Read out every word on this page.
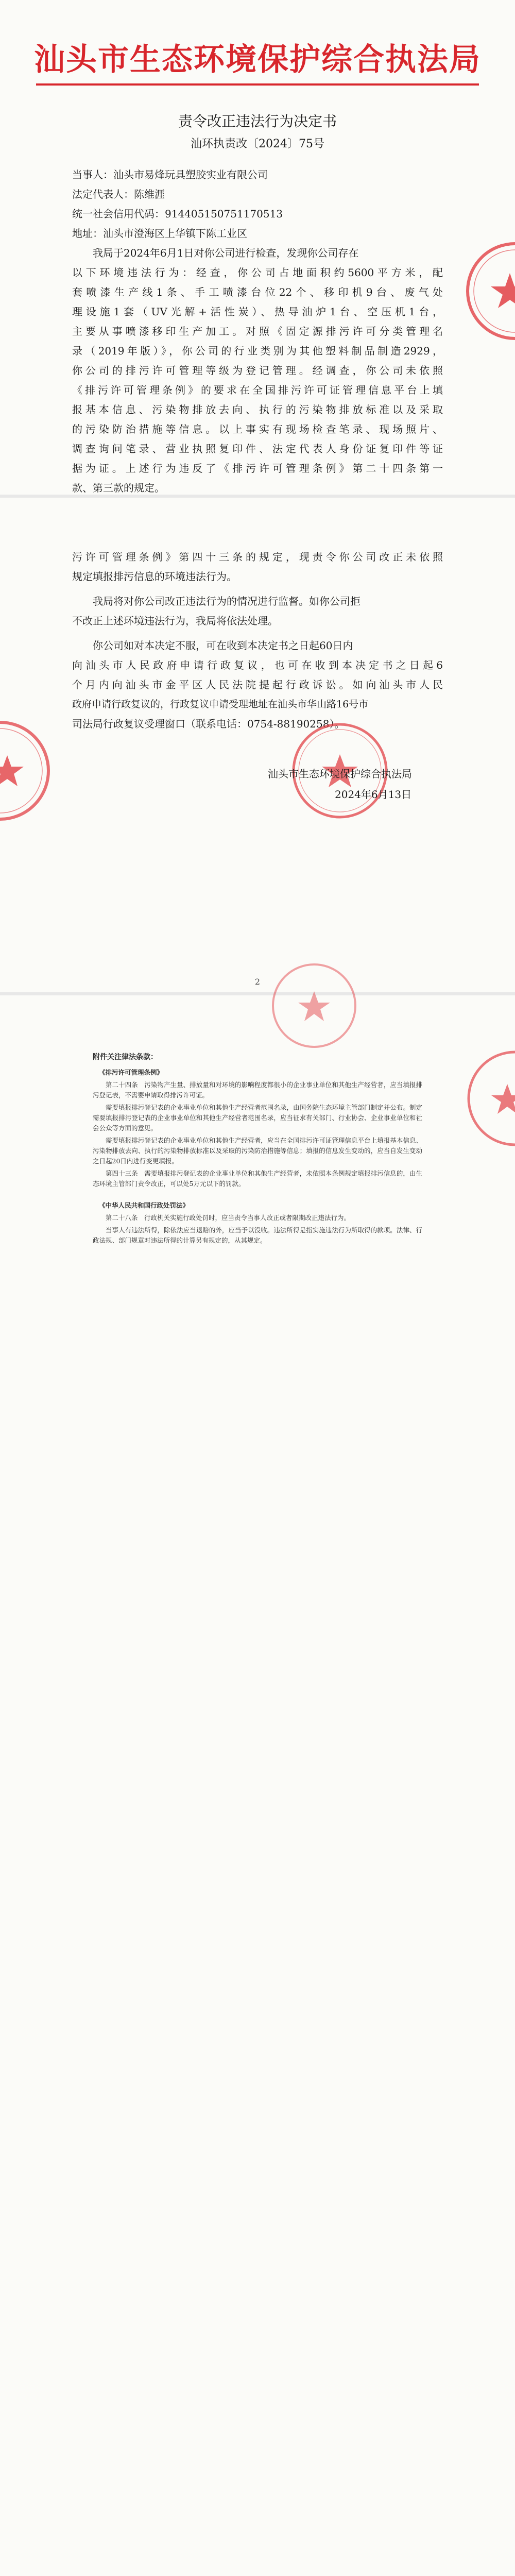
汕头市生态环境保护综合执法局
责令改正违法行为决定书
汕环执责改〔2024〕75号
当事人：汕头市易烽玩具塑胶实业有限公司
法定代表人：陈维涯
统一社会信用代码：914405150751170513
地址：汕头市澄海区上华镇下陈工业区
我局于2024年6月1日对你公司进行检查，发现你公司存在
以下环境违法行为：经查，你公司占地面积约5600平方米，配
套喷漆生产线1条、手工喷漆台位22个、移印机9台、废气处
理设施1套（UV光解+活性炭）、热导油炉1台、空压机1台，
主要从事喷漆移印生产加工。对照《固定源排污许可分类管理名
录（2019年版）》，你公司的行业类别为其他塑料制品制造2929，
你公司的排污许可管理等级为登记管理。经调查，你公司未依照
《排污许可管理条例》的要求在全国排污许可证管理信息平台上填
报基本信息、污染物排放去向、执行的污染物排放标准以及采取
的污染防治措施等信息。以上事实有现场检查笔录、现场照片、
调查询问笔录、营业执照复印件、法定代表人身份证复印件等证
据为证。上述行为违反了《排污许可管理条例》第二十四条第一
款、第三款的规定。
污许可管理条例》第四十三条的规定，现责令你公司改正未依照
规定填报排污信息的环境违法行为。
我局将对你公司改正违法行为的情况进行监督。如你公司拒
不改正上述环境违法行为，我局将依法处理。
你公司如对本决定不服，可在收到本决定书之日起60日内
向汕头市人民政府申请行政复议，也可在收到本决定书之日起6
个月内向汕头市金平区人民法院提起行政诉讼。如向汕头市人民
政府申请行政复议的，行政复议申请受理地址在汕头市华山路16号市
司法局行政复议受理窗口（联系电话：0754-88190258）。
汕头市生态环境保护综合执法局
2024年6月13日
2
附件关注律法条款：
《排污许可管理条例》

第二十四条　污染物产生量、排放量和对环境的影响程度都很小的企业事业单位和其他生产经营者，应当填报排污登记表，不需要申请取得排污许可证。

需要填报排污登记表的企业事业单位和其他生产经营者范围名录，由国务院生态环境主管部门制定并公布。制定需要填报排污登记表的企业事业单位和其他生产经营者范围名录，应当征求有关部门、行业协会、企业事业单位和社会公众等方面的意见。

需要填报排污登记表的企业事业单位和其他生产经营者，应当在全国排污许可证管理信息平台上填报基本信息、污染物排放去向、执行的污染物排放标准以及采取的污染防治措施等信息；填报的信息发生变动的，应当自发生变动之日起20日内进行变更填报。

第四十三条　需要填报排污登记表的企业事业单位和其他生产经营者，未依照本条例规定填报排污信息的，由生态环境主管部门责令改正，可以处5万元以下的罚款。

《中华人民共和国行政处罚法》

第二十八条　行政机关实施行政处罚时，应当责令当事人改正或者限期改正违法行为。

当事人有违法所得，除依法应当退赔的外，应当予以没收。违法所得是指实施违法行为所取得的款项。法律、行政法规、部门规章对违法所得的计算另有规定的，从其规定。
